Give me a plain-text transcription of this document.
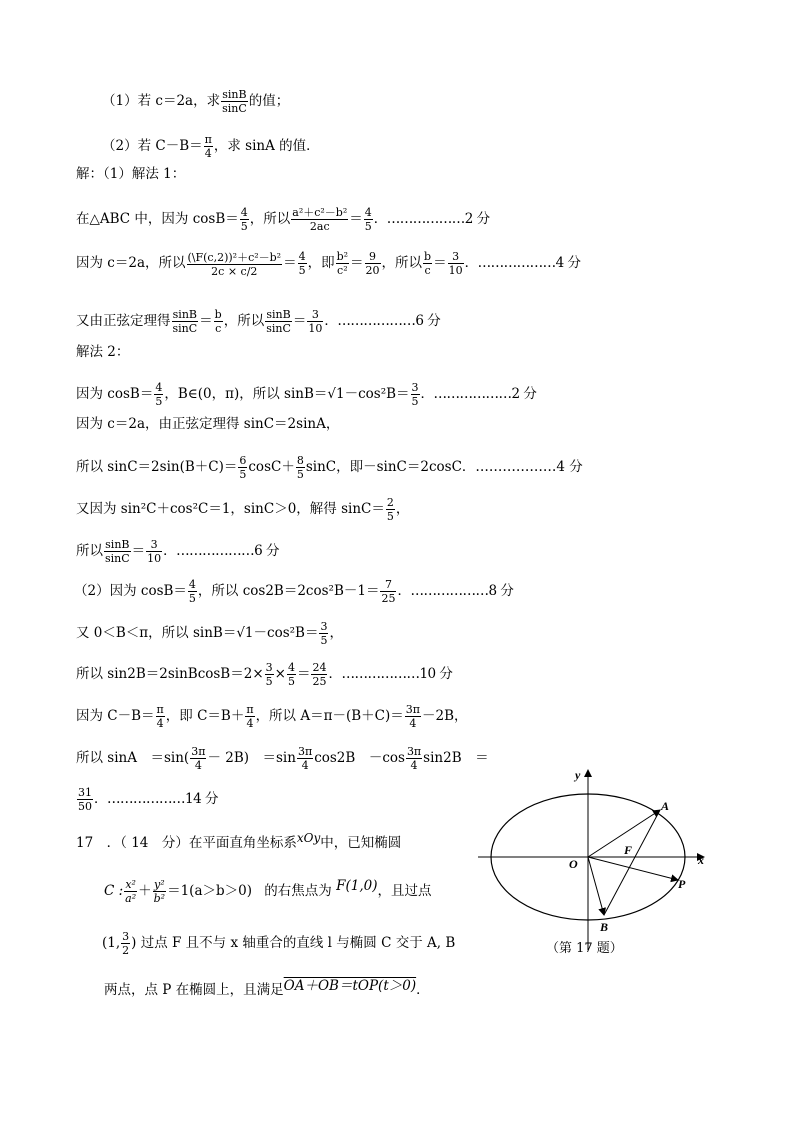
（1）若 c＝2a，求 $\frac{\sin B}{\sin C}$ 的值；
（2）若 $C-B= \frac{\pi}{4}$ ，求 sinA 的值．
解：（1）解法 1：
在△ABC 中，因为 $\cos B= \frac{4}{5}$ ，所以 $\frac{\text{a²＋c²－b²}}{2ac} = \frac{4}{5}$ ．………………2 分
因为 c＝2a，所以 $\frac{\text{(\textbackslash{}F(c,2))²＋c²－b²}}{2c \times c/2} = \frac{4}{5}$ ，即 $\frac{\text{b²}}{\text{c²}} = \frac{9}{20}$ ，所以 $\frac{b}{c} = \frac{3}{10}$ ．………………4 分
又由正弦定理得 $\frac{\sin B}{\sin C} = \frac{b}{c}$ ，所以 $\frac{\sin B}{\sin C} = \frac{3}{10}$ ．………………6 分
解法 2：
因为 $\cos B= \frac{4}{5}$ ，B∈(0，π)，所以 $\sin B=√1-\cos^2B= \frac{3}{5}$ ．………………2 分
因为 c＝2a，由正弦定理得 sinC＝2sinA，
所以 $\sin C=2\sin(B+C)= \frac{6}{5} \cos C+ \frac{8}{5}$ sinC，即－sinC＝2cosC．………………4 分
又因为 sin²C＋cos²C＝1，sinC＞0，解得 $\sin C= \frac{2}{5}$ ，
所以 $\frac{\sin B}{\sin C} = \frac{3}{10}$ ．………………6 分
（2）因为 $\cos B= \frac{4}{5}$ ，所以 $\cos 2B=2\cos^2B-1= \frac{7}{25}$ ．………………8 分
又 0＜B＜π，所以 $\sin B=√1-\cos^2B= \frac{3}{5}$ ，
所以 sin2B＝2sinBcosB＝2× $\frac{3}{5} \times \frac{4}{5} = \frac{24}{25}$ ．………………10 分
因为 $C-B= \frac{\pi}{4}$ ，即 $C=B+ \frac{\pi}{4}$ ，所以 $A=\pi-(B+C)= \frac{3\pi}{4} -2B$，
所以 sinA　$=\sin( \frac{3\pi}{4} - 2B)$　$=\sin \frac{3\pi}{4} \cos 2B$　$-\cos \frac{3\pi}{4} \sin 2B$　＝
$\frac{31}{50}$ ．………………14 分
17　．（ 14　分）在平面直角坐标系xOy中，已知椭圆
C : $\frac{\text{x²}}{\text{a²}} + \frac{\text{y²}}{\text{b²}} =1(a>b>0)$ 的右焦点为 F(1,0)，且过点
(1, $\frac{3}{2}$ ) 过点 F 且不与 x 轴重合的直线 l 与椭圆 C 交于 A, B
两点，点 P 在椭圆上，且满足OA＋OB＝tOP(t＞0)．
y
x
O
F
A
B
P
（第 17 题）
